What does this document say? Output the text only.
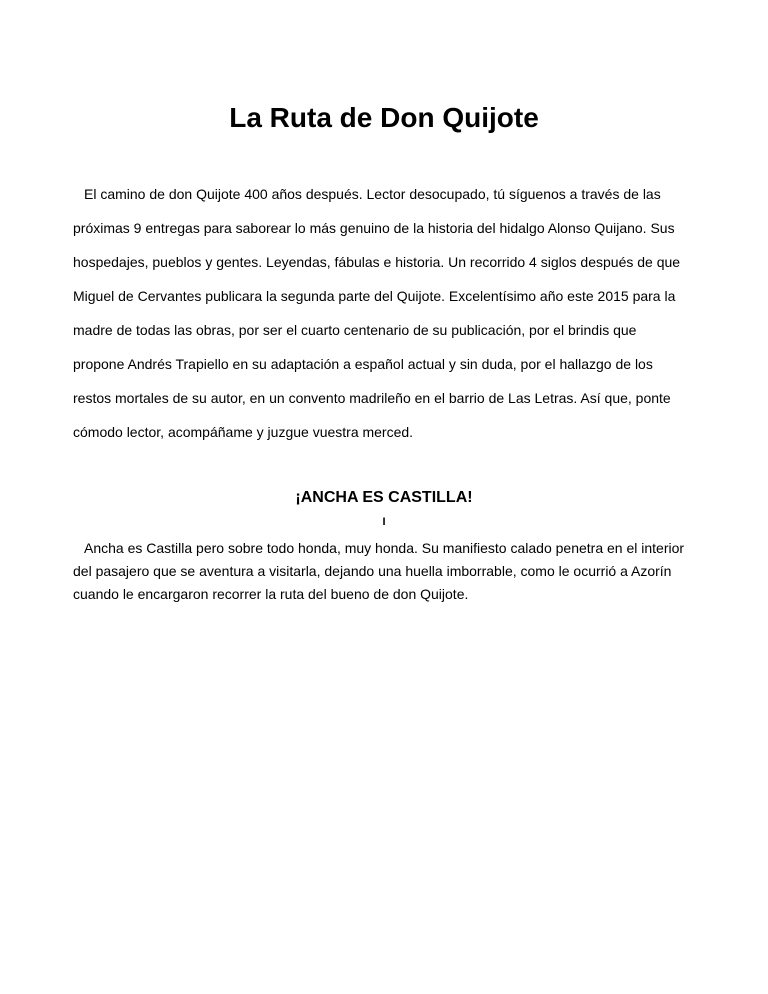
La Ruta de Don Quijote

El camino de don Quijote 400 años después. Lector desocupado, tú síguenos a través de las
próximas 9 entregas para saborear lo más genuino de la historia del hidalgo Alonso Quijano. Sus
hospedajes, pueblos y gentes. Leyendas, fábulas e historia. Un recorrido 4 siglos después de que
Miguel de Cervantes publicara la segunda parte del Quijote. Excelentísimo año este 2015 para la
madre de todas las obras, por ser el cuarto centenario de su publicación, por el brindis que
propone Andrés Trapiello en su adaptación a español actual y sin duda, por el hallazgo de los
restos mortales de su autor, en un convento madrileño en el barrio de Las Letras. Así que, ponte
cómodo lector, acompáñame y juzgue vuestra merced.

¡ANCHA ES CASTILLA!
I

Ancha es Castilla pero sobre todo honda, muy honda. Su manifiesto calado penetra en el interior
del pasajero que se aventura a visitarla, dejando una huella imborrable, como le ocurrió a Azorín
cuando le encargaron recorrer la ruta del bueno de don Quijote.
